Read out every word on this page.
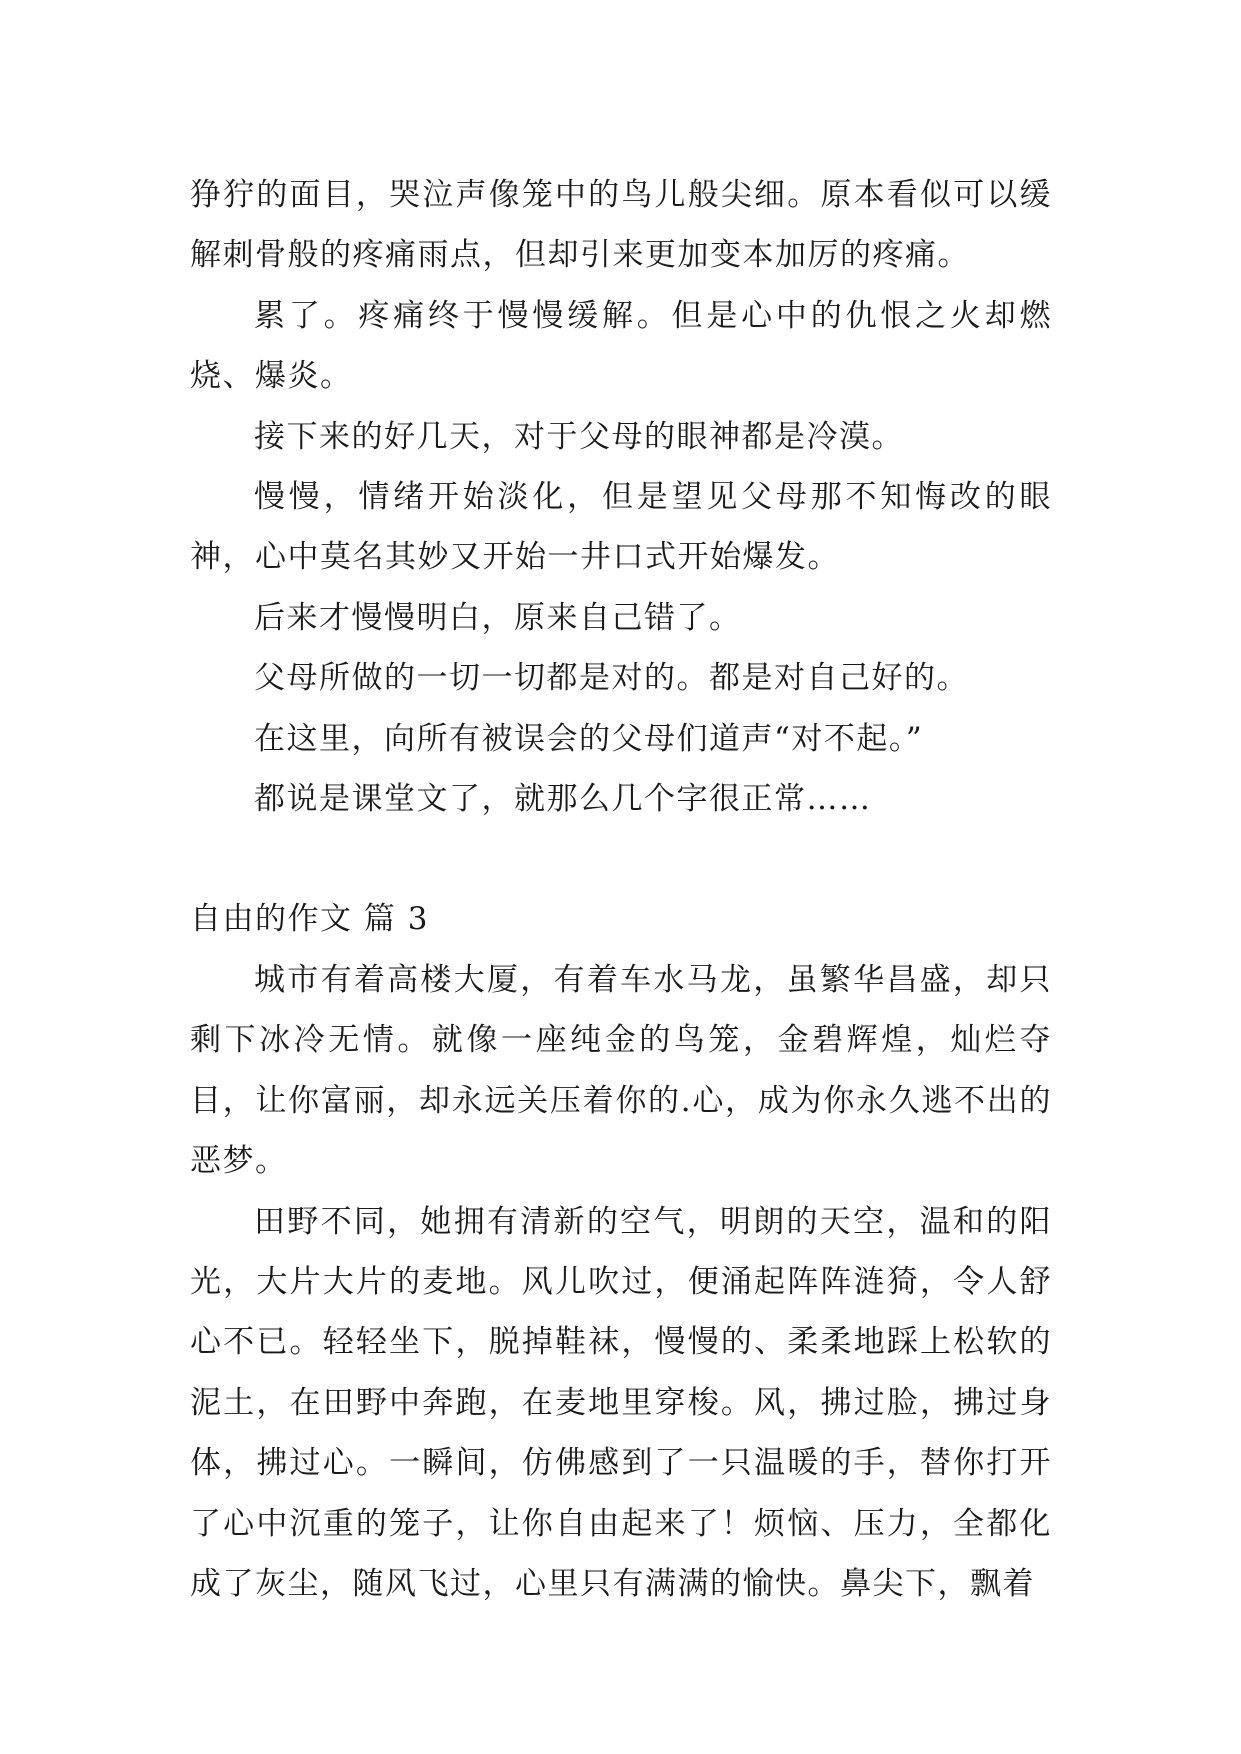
狰狞的面目，哭泣声像笼中的鸟儿般尖细。原本看似可以缓解刺骨般的疼痛雨点，但却引来更加变本加厉的疼痛。

累了。疼痛终于慢慢缓解。但是心中的仇恨之火却燃烧、爆炎。

接下来的好几天，对于父母的眼神都是冷漠。

慢慢，情绪开始淡化，但是望见父母那不知悔改的眼神，心中莫名其妙又开始一井口式开始爆发。

后来才慢慢明白，原来自己错了。

父母所做的一切一切都是对的。都是对自己好的。

在这里，向所有被误会的父母们道声“对不起。”

都说是课堂文了，就那么几个字很正常……

自由的作文 篇 3

城市有着高楼大厦，有着车水马龙，虽繁华昌盛，却只剩下冰冷无情。就像一座纯金的鸟笼，金碧辉煌，灿烂夺目，让你富丽，却永远关压着你的.心，成为你永久逃不出的恶梦。

田野不同，她拥有清新的空气，明朗的天空，温和的阳光，大片大片的麦地。风儿吹过，便涌起阵阵涟猗，令人舒心不已。轻轻坐下，脱掉鞋袜，慢慢的、柔柔地踩上松软的泥土，在田野中奔跑，在麦地里穿梭。风，拂过脸，拂过身体，拂过心。一瞬间，仿佛感到了一只温暖的手，替你打开了心中沉重的笼子，让你自由起来了！烦恼、压力，全都化成了灰尘，随风飞过，心里只有满满的愉快。鼻尖下，飘着
